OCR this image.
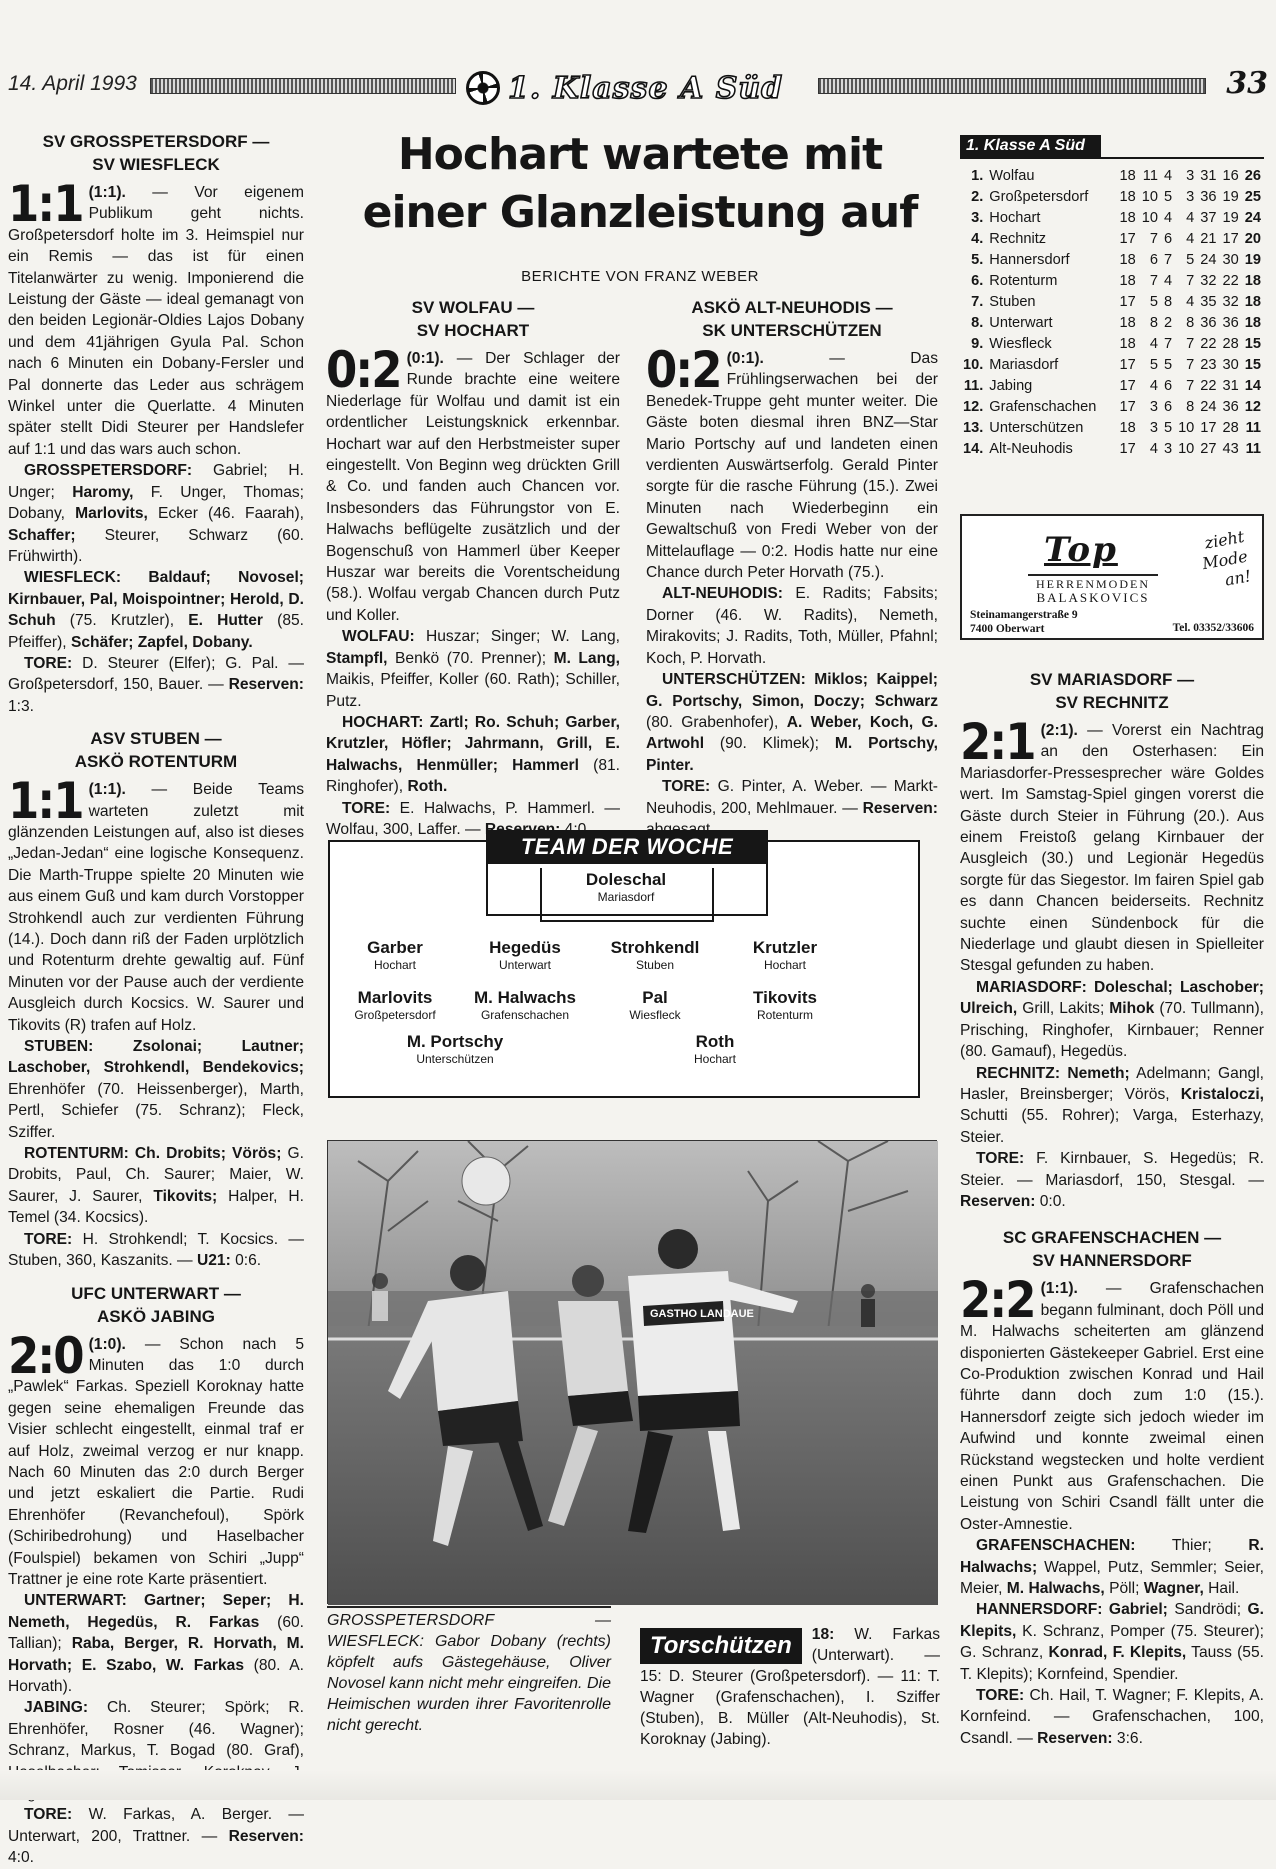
14. April 1993	1. Klasse A Süd	33
Hochart wartete mit
einer Glanzleistung auf
BERICHTE VON FRANZ WEBER
SV GROSSPETERSDORF —
SV WIESFLECK

1:1 (1:1). — Vor eigenem Publikum geht nichts. Großpetersdorf holte im 3. Heimspiel nur ein Remis — das ist für einen Titelanwärter zu wenig. Imponierend die Leistung der Gäste — ideal gemanagt von den beiden Legionär-Oldies Lajos Dobany und dem 41jährigen Gyula Pal. Schon nach 6 Minuten ein Dobany-Fersler und Pal donnerte das Leder aus schrägem Winkel unter die Querlatte. 4 Minuten später stellt Didi Steurer per Handslefer auf 1:1 und das wars auch schon.

GROSSPETERSDORF: Gabriel; H. Unger; Haromy, F. Unger, Thomas; Dobany, Marlovits, Ecker (46. Faarah), Schaffer; Steurer, Schwarz (60. Frühwirth).

WIESFLECK: Baldauf; Novosel; Kirnbauer, Pal, Moispointner; Herold, D. Schuh (75. Krutzler), E. Hutter (85. Pfeiffer), Schäfer; Zapfel, Dobany.

TORE: D. Steurer (Elfer); G. Pal. — Großpetersdorf, 150, Bauer. — Reserven: 1:3.

ASV STUBEN —
ASKÖ ROTENTURM

1:1 (1:1). — Beide Teams warteten zuletzt mit glänzenden Leistungen auf, also ist dieses „Jedan-Jedan“ eine logische Konsequenz. Die Marth-Truppe spielte 20 Minuten wie aus einem Guß und kam durch Vorstopper Strohkendl auch zur verdienten Führung (14.). Doch dann riß der Faden urplötzlich und Rotenturm drehte gewaltig auf. Fünf Minuten vor der Pause auch der verdiente Ausgleich durch Kocsics. W. Saurer und Tikovits (R) trafen auf Holz.

STUBEN: Zsolonai; Lautner; Laschober, Strohkendl, Bendekovics; Ehrenhöfer (70. Heissenberger), Marth, Pertl, Schiefer (75. Schranz); Fleck, Sziffer.

ROTENTURM: Ch. Drobits; Vörös; G. Drobits, Paul, Ch. Saurer; Maier, W. Saurer, J. Saurer, Tikovits; Halper, H. Temel (34. Kocsics).

TORE: H. Strohkendl; T. Kocsics. — Stuben, 360, Kaszanits. — U21: 0:6.

UFC UNTERWART —
ASKÖ JABING

2:0 (1:0). — Schon nach 5 Minuten das 1:0 durch „Pawlek“ Farkas. Speziell Koroknay hatte gegen seine ehemaligen Freunde das Visier schlecht eingestellt, einmal traf er auf Holz, zweimal verzog er nur knapp. Nach 60 Minuten das 2:0 durch Berger und jetzt eskaliert die Partie. Rudi Ehrenhöfer (Revanchefoul), Spörk (Schiribedrohung) und Haselbacher (Foulspiel) bekamen von Schiri „Jupp“ Trattner je eine rote Karte präsentiert.

UNTERWART: Gartner; Seper; H. Nemeth, Hegedüs, R. Farkas (60. Tallian); Raba, Berger, R. Horvath, M. Horvath; E. Szabo, W. Farkas (80. A. Horvath).

JABING: Ch. Steurer; Spörk; R. Ehrenhöfer, Rosner (46. Wagner); Schranz, Markus, T. Bogad (80. Graf),

TORE: W. Farkas, A. Berger. — Unterwart, 200, Trattner. — Reserven: 4:0.

SV WOLFAU —
SV HOCHART

0:2 (0:1). — Der Schlager der Runde brachte eine weitere Niederlage für Wolfau und damit ist ein ordentlicher Leistungsknick erkennbar. Hochart war auf den Herbstmeister super eingestellt. Von Beginn weg drückten Grill & Co. und fanden auch Chancen vor. Insbesonders das Führungstor von E. Halwachs beflügelte zusätzlich und der Bogenschuß von Hammerl über Keeper Huszar war bereits die Vorentscheidung (58.). Wolfau vergab Chancen durch Putz und Koller.

WOLFAU: Huszar; Singer; W. Lang, Stampfl, Benkö (70. Prenner); M. Lang, Maikis, Pfeiffer, Koller (60. Rath); Schiller, Putz.

HOCHART: Zartl; Ro. Schuh; Garber, Krutzler, Höfler; Jahrmann, Grill, E. Halwachs, Henmüller; Hammerl (81. Ringhofer), Roth.

TORE: E. Halwachs, P. Hammerl. — Wolfau, 300, Laffer. —

ASKÖ ALT-NEUHODIS —
SK UNTERSCHÜTZEN

0:2 (0:1). — Das Frühlingserwachen bei der Benedek-Truppe geht munter weiter. Die Gäste boten diesmal ihren BNZ—Star Mario Portschy auf und landeten einen verdienten Auswärtserfolg. Gerald Pinter sorgte für die rasche Führung (15.). Zwei Minuten nach Wiederbeginn ein Gewaltschuß von Fredi Weber von der Mittelauflage — 0:2. Hodis hatte nur eine Chance durch Peter Horvath (75.).

ALT-NEUHODIS: E. Radits; Fabsits; Dorner (46. W. Radits), Nemeth, Mirakovits; J. Radits, Toth, Müller, Pfahnl; Koch, P. Horvath.

UNTERSCHÜTZEN: Miklos; Kaippel; G. Portschy, Simon, Doczy; Schwarz (80. Grabenhofer), A. Weber, Koch, G. Artwohl (90. Klimek); M. Portschy, Pinter.

TORE: G. Pinter, A. Weber. — Markt-Neuhodis, 200, Mehlmauer. — Reserven:

1. Klasse A Süd
1.	Wolfau	18	11	4	3	31	16	26
2.	Großpetersdorf	18	10	5	3	36	19	25
3.	Hochart	18	10	4	4	37	19	24
4.	Rechnitz	17	7	6	4	21	17	20
5.	Hannersdorf	18	6	7	5	24	30	19
6.	Rotenturm	18	7	4	7	32	22	18
7.	Stuben	17	5	8	4	35	32	18
8.	Unterwart	18	8	2	8	36	36	18
9.	Wiesfleck	18	4	7	7	22	28	15
10.	Mariasdorf	17	5	5	7	23	30	15
11.	Jabing	17	4	6	7	22	31	14
12.	Grafenschachen	17	3	6	8	24	36	12
13.	Unterschützen	18	3	5	10	17	28	11
14.	Alt-Neuhodis	17	4	3	10	27	43	11
Top
HERRENMODEN
BALASKOVICS
zieht Mode an!
Steinamangerstraße 9
7400 Oberwart	Tel. 03352/33606
SV MARIASDORF —
SV RECHNITZ

2:1 (2:1). — Vorerst ein Nachtrag an den Osterhasen: Ein Mariasdorfer-Pressesprecher wäre Goldes wert. Im Samstag-Spiel gingen vorerst die Gäste durch Steier in Führung (20.). Aus einem Freistoß gelang Kirnbauer der Ausgleich (30.) und Legionär Hegedüs sorgte für das Siegestor. Im fairen Spiel gab es dann Chancen beiderseits. Rechnitz suchte einen Sündenbock für die Niederlage und glaubt diesen in Spielleiter Stesgal gefunden zu haben.

MARIASDORF: Doleschal; Laschober; Ulreich, Grill, Lakits; Mihok (70. Tullmann), Prisching, Ringhofer, Kirnbauer; Renner (80. Gamauf), Hegedüs.

RECHNITZ: Nemeth; Adelmann; Gangl, Hasler, Breinsberger; Vörös, Kristaloczi, Schutti (55. Rohrer); Varga, Esterhazy, Steier.

TORE: F. Kirnbauer, S. Hegedüs; R. Steier. — Mariasdorf, 150, Stesgal. — Reserven: 0:0.

SC GRAFENSCHACHEN —
SV HANNERSDORF

2:2 (1:1). — Grafenschachen begann fulminant, doch Pöll und M. Halwachs scheiterten am glänzend disponierten Gästekeeper Gabriel. Erst eine Co-Produktion zwischen Konrad und Hail führte dann doch zum 1:0 (15.). Hannersdorf zeigte sich jedoch wieder im Aufwind und konnte zweimal einen Rückstand wegstecken und holte verdient einen Punkt aus Grafenschachen. Die Leistung von Schiri Csandl fällt unter die Oster-Amnestie.

GRAFENSCHACHEN: Thier; R. Halwachs; Wappel, Putz, Semmler; Seier, Meier, M. Halwachs, Pöll; Wagner, Hail.

HANNERSDORF: Gabriel; Sandrödi; G. Klepits, K. Schranz, Pomper (75. Steurer); G. Schranz, Konrad, F. Klepits, Tauss (55. T. Klepits); Kornfeind, Spendier.

TORE: Ch. Hail, T. Wagner; F. Klepits, A. Kornfeind. — Grafenschachen, 100, Csandl. — Reserven: 3:6.

TEAM DER WOCHE
Doleschal
Mariasdorf
Garber
Hochart
Hegedüs
Unterwart
Strohkendl
Stuben
Krutzler
Hochart
Marlovits
Großpetersdorf
M. Halwachs
Grafenschachen
Pal
Wiesfleck
Tikovits
Rotenturm
M. Portschy
Unterschützen
Roth
Hochart
GASTHO LANDAUE
GROSSPETERSDORF — WIESFLECK: Gabor Dobany (rechts) köpfelt aufs Gästegehäuse, Oliver Novosel kann nicht mehr eingreifen. Die Heimischen wurden ihrer Favoritenrolle nicht gerecht.
Torschützen	18: W. Farkas (Unterwart). — 15: D. Steurer (Großpetersdorf). — 11: T. Wagner (Grafenschachen), I. Sziffer (Stuben), B. Müller (Alt-Neuhodis), St. Koroknay (Jabing).
